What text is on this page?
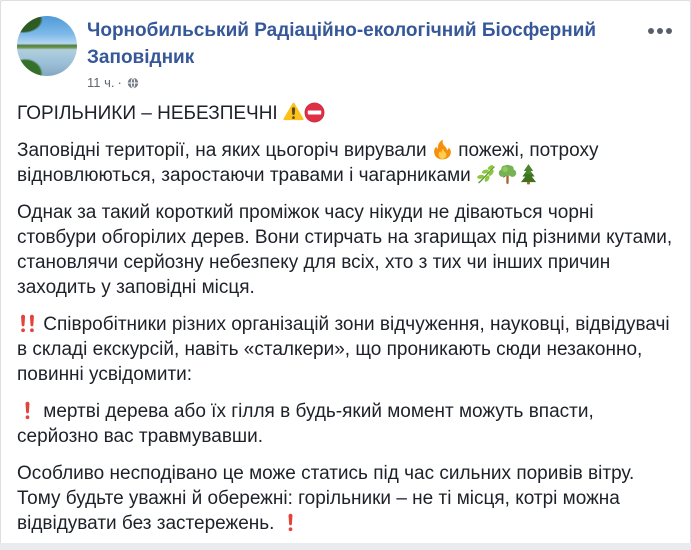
Чорнобильський Радіаційно-екологічний Біосферний Заповідник
11 ч. ·

ГОРІЛЬНИКИ – НЕБЕЗПЕЧНІ

Заповідні території, на яких цьогоріч вирували  пожежі, потроху відновлюються, заростаючи травами і чагарниками

Однак за такий короткий проміжок часу нікуди не діваються чорні стовбури обгорілих дерев. Вони стирчать на згарищах під різними кутами, становлячи серйозну небезпеку для всіх, хто з тих чи інших причин заходить у заповідні місця.

Співробітники різних організацій зони відчуження, науковці, відвідувачі в складі екскурсій, навіть «сталкери», що проникають сюди незаконно, повинні усвідомити:

мертві дерева або їх гілля в будь-який момент можуть впасти, серйозно вас травмувавши.

Особливо несподівано це може статись під час сильних поривів вітру. Тому будьте уважні й обережні: горільники – не ті місця, котрі можна відвідувати без застережень.
